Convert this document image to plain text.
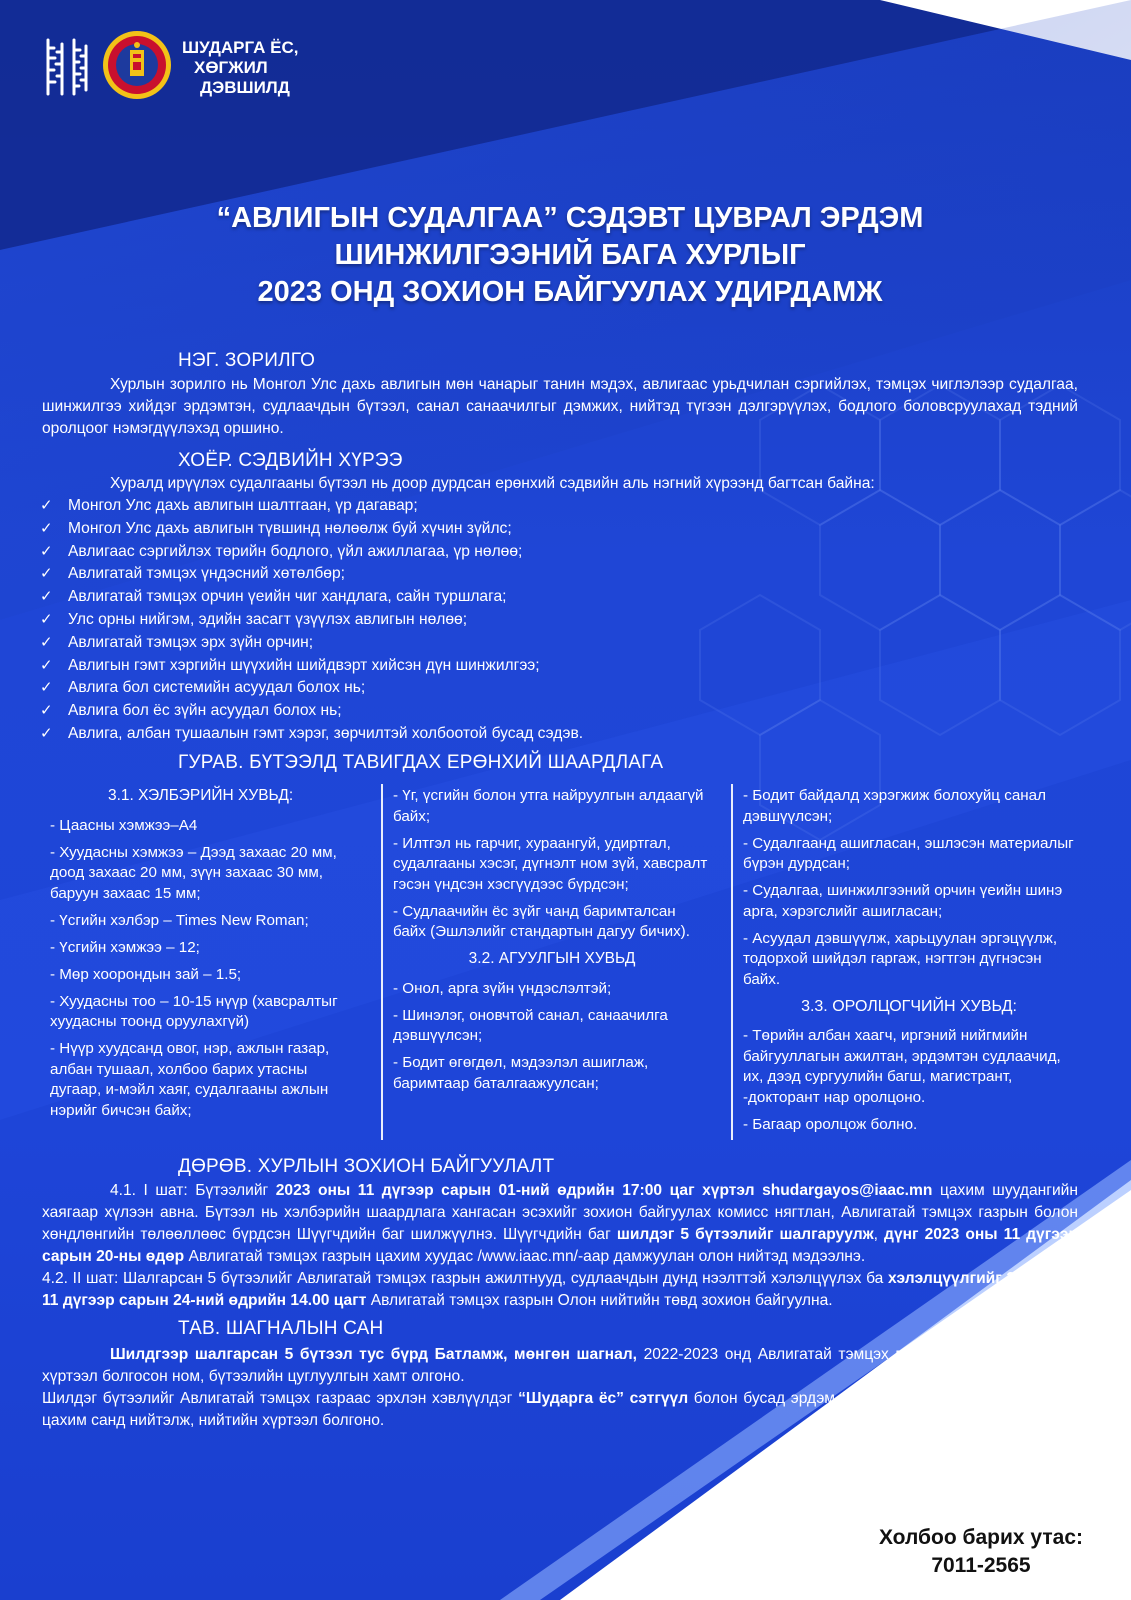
ШУДАРГА ЁС,
ХӨГЖИЛ
ДЭВШИЛД
“АВЛИГЫН СУДАЛГАА” СЭДЭВТ ЦУВРАЛ ЭРДЭМ
ШИНЖИЛГЭЭНИЙ БАГА ХУРЛЫГ
2023 ОНД ЗОХИОН БАЙГУУЛАХ УДИРДАМЖ
НЭГ. ЗОРИЛГО
Хурлын зорилго нь Монгол Улс дахь авлигын мөн чанарыг танин мэдэх, авлигаас урьдчилан сэргийлэх, тэмцэх чиглэлээр судалгаа, шинжилгээ хийдэг эрдэмтэн, судлаачдын бүтээл, санал санаачилгыг дэмжих, нийтэд түгээн дэлгэрүүлэх, бодлого боловсруулахад тэдний оролцоог нэмэгдүүлэхэд оршино.
ХОЁР. СЭДВИЙН ХҮРЭЭ
Хуралд ирүүлэх судалгааны бүтээл нь доор дурдсан ерөнхий сэдвийн аль нэгний хүрээнд багтсан байна:
✓ Монгол Улс дахь авлигын шалтгаан, үр дагавар;
✓ Монгол Улс дахь авлигын түвшинд нөлөөлж буй хүчин зүйлс;
✓ Авлигаас сэргийлэх төрийн бодлого, үйл ажиллагаа, үр нөлөө;
✓ Авлигатай тэмцэх үндэсний хөтөлбөр;
✓ Авлигатай тэмцэх орчин үеийн чиг хандлага, сайн туршлага;
✓ Улс орны нийгэм, эдийн засагт үзүүлэх авлигын нөлөө;
✓ Авлигатай тэмцэх эрх зүйн орчин;
✓ Авлигын гэмт хэргийн шүүхийн шийдвэрт хийсэн дүн шинжилгээ;
✓ Авлига бол системийн асуудал болох нь;
✓ Авлига бол ёс зүйн асуудал болох нь;
✓ Авлига, албан тушаалын гэмт хэрэг, зөрчилтэй холбоотой бусад сэдэв.
ГУРАВ. БҮТЭЭЛД ТАВИГДАХ ЕРӨНХИЙ ШААРДЛАГА
3.1. ХЭЛБЭРИЙН ХУВЬД:
- Цаасны хэмжээ–А4
- Хуудасны хэмжээ – Дээд захаас 20 мм, доод захаас 20 мм, зүүн захаас 30 мм, баруун захаас 15 мм;
- Үсгийн хэлбэр – Times New Roman;
- Үсгийн хэмжээ – 12;
- Мөр хоорондын зай – 1.5;
- Хуудасны тоо – 10-15 нүүр (хавсралтыг хуудасны тоонд оруулахгүй)
- Нүүр хуудсанд овог, нэр, ажлын газар, албан тушаал, холбоо барих утасны дугаар, и-мэйл хаяг, судалгааны ажлын нэрийг бичсэн байх;
- Үг, үсгийн болон утга найруулгын алдаагүй байх;
- Илтгэл нь гарчиг, хураангуй, удиртгал, судалгааны хэсэг, дүгнэлт ном зүй, хавсралт гэсэн үндсэн хэсгүүдээс бүрдсэн;
- Судлаачийн ёс зүйг чанд баримталсан байх (Эшлэлийг стандартын дагуу бичих).
3.2. АГУУЛГЫН ХУВЬД
- Онол, арга зүйн үндэслэлтэй;
- Шинэлэг, оновчтой санал, санаачилга дэвшүүлсэн;
- Бодит өгөгдөл, мэдээлэл ашиглаж, баримтаар баталгаажуулсан;
- Бодит байдалд хэрэгжиж болохуйц санал дэвшүүлсэн;
- Судалгаанд ашигласан, эшлэсэн материалыг бүрэн дурдсан;
- Судалгаа, шинжилгээний орчин үеийн шинэ арга, хэрэгслийг ашигласан;
- Асуудал дэвшүүлж, харьцуулан эргэцүүлж, тодорхой шийдэл гаргаж, нэгтгэн дүгнэсэн байх.
3.3. ОРОЛЦОГЧИЙН ХУВЬД:
- Төрийн албан хаагч, иргэний нийгмийн байгууллагын ажилтан, эрдэмтэн судлаачид, их, дээд сургуулийн багш, магистрант, -докторант нар оролцоно.
- Багаар оролцож болно.
ДӨРӨВ. ХУРЛЫН ЗОХИОН БАЙГУУЛАЛТ
4.1. I шат: Бүтээлийг 2023 оны 11 дүгээр сарын 01-ний өдрийн 17:00 цаг хүртэл shudargayos@iaac.mn цахим шуудангийн хаягаар хүлээн авна. Бүтээл нь хэлбэрийн шаардлага хангасан эсэхийг зохион байгуулах комисс нягтлан, Авлигатай тэмцэх газрын болон хөндлөнгийн төлөөллөөс бүрдсэн Шүүгчдийн баг шилжүүлнэ. Шүүгчдийн баг шилдэг 5 бүтээлийг шалгаруулж, дүнг 2023 оны 11 дүгээр сарын 20-ны өдөр Авлигатай тэмцэх газрын цахим хуудас /www.iaac.mn/-аар дамжуулан олон нийтэд мэдээлнэ.
4.2. II шат: Шалгарсан 5 бүтээлийг Авлигатай тэмцэх газрын ажилтнууд, судлаачдын дунд нээлттэй хэлэлцүүлэх ба хэлэлцүүлгийг 2023 оны 11 дүгээр сарын 24-ний өдрийн 14.00 цагт Авлигатай тэмцэх газрын Олон нийтийн төвд зохион байгуулна.
ТАВ. ШАГНАЛЫН САН
Шилдгээр шалгарсан 5 бүтээл тус бүрд Батламж, мөнгөн шагнал, 2022-2023 онд Авлигатай тэмцэх газраас хэвлэж, нийтийн хүртээл болгосон ном, бүтээлийн цуглуулгын хамт олгоно.
Шилдэг бүтээлийг Авлигатай тэмцэх газраас эрхлэн хэвлүүлдэг “Шударга ёс” сэтгүүл болон бусад эрдэм шинжилгээ, судалгааны сэтгүүл, цахим санд нийтэлж, нийтийн хүртээл болгоно.
Холбоо барих утас:
7011-2565
